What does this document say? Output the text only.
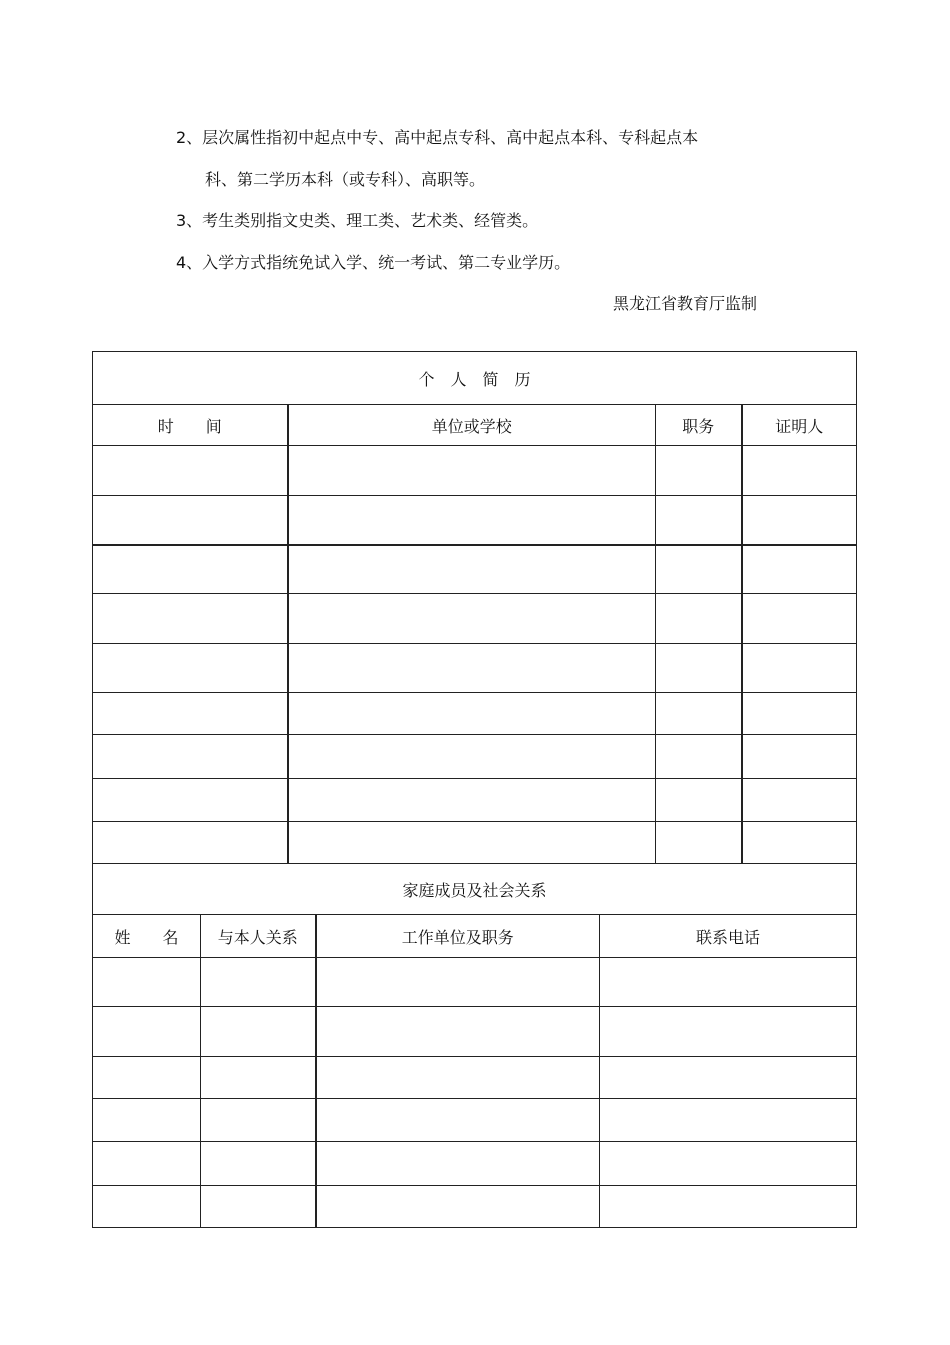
2、层次属性指初中起点中专、高中起点专科、高中起点本科、专科起点本
科、第二学历本科（或专科）、高职等。
3、考生类别指文史类、理工类、艺术类、经管类。
4、入学方式指统免试入学、统一考试、第二专业学历。
黑龙江省教育厅监制
个　人　简　历			
时　　间	单位或学校	职务	证明人

家庭成员及社会关系			
姓　　名	与本人关系	工作单位及职务	联系电话
